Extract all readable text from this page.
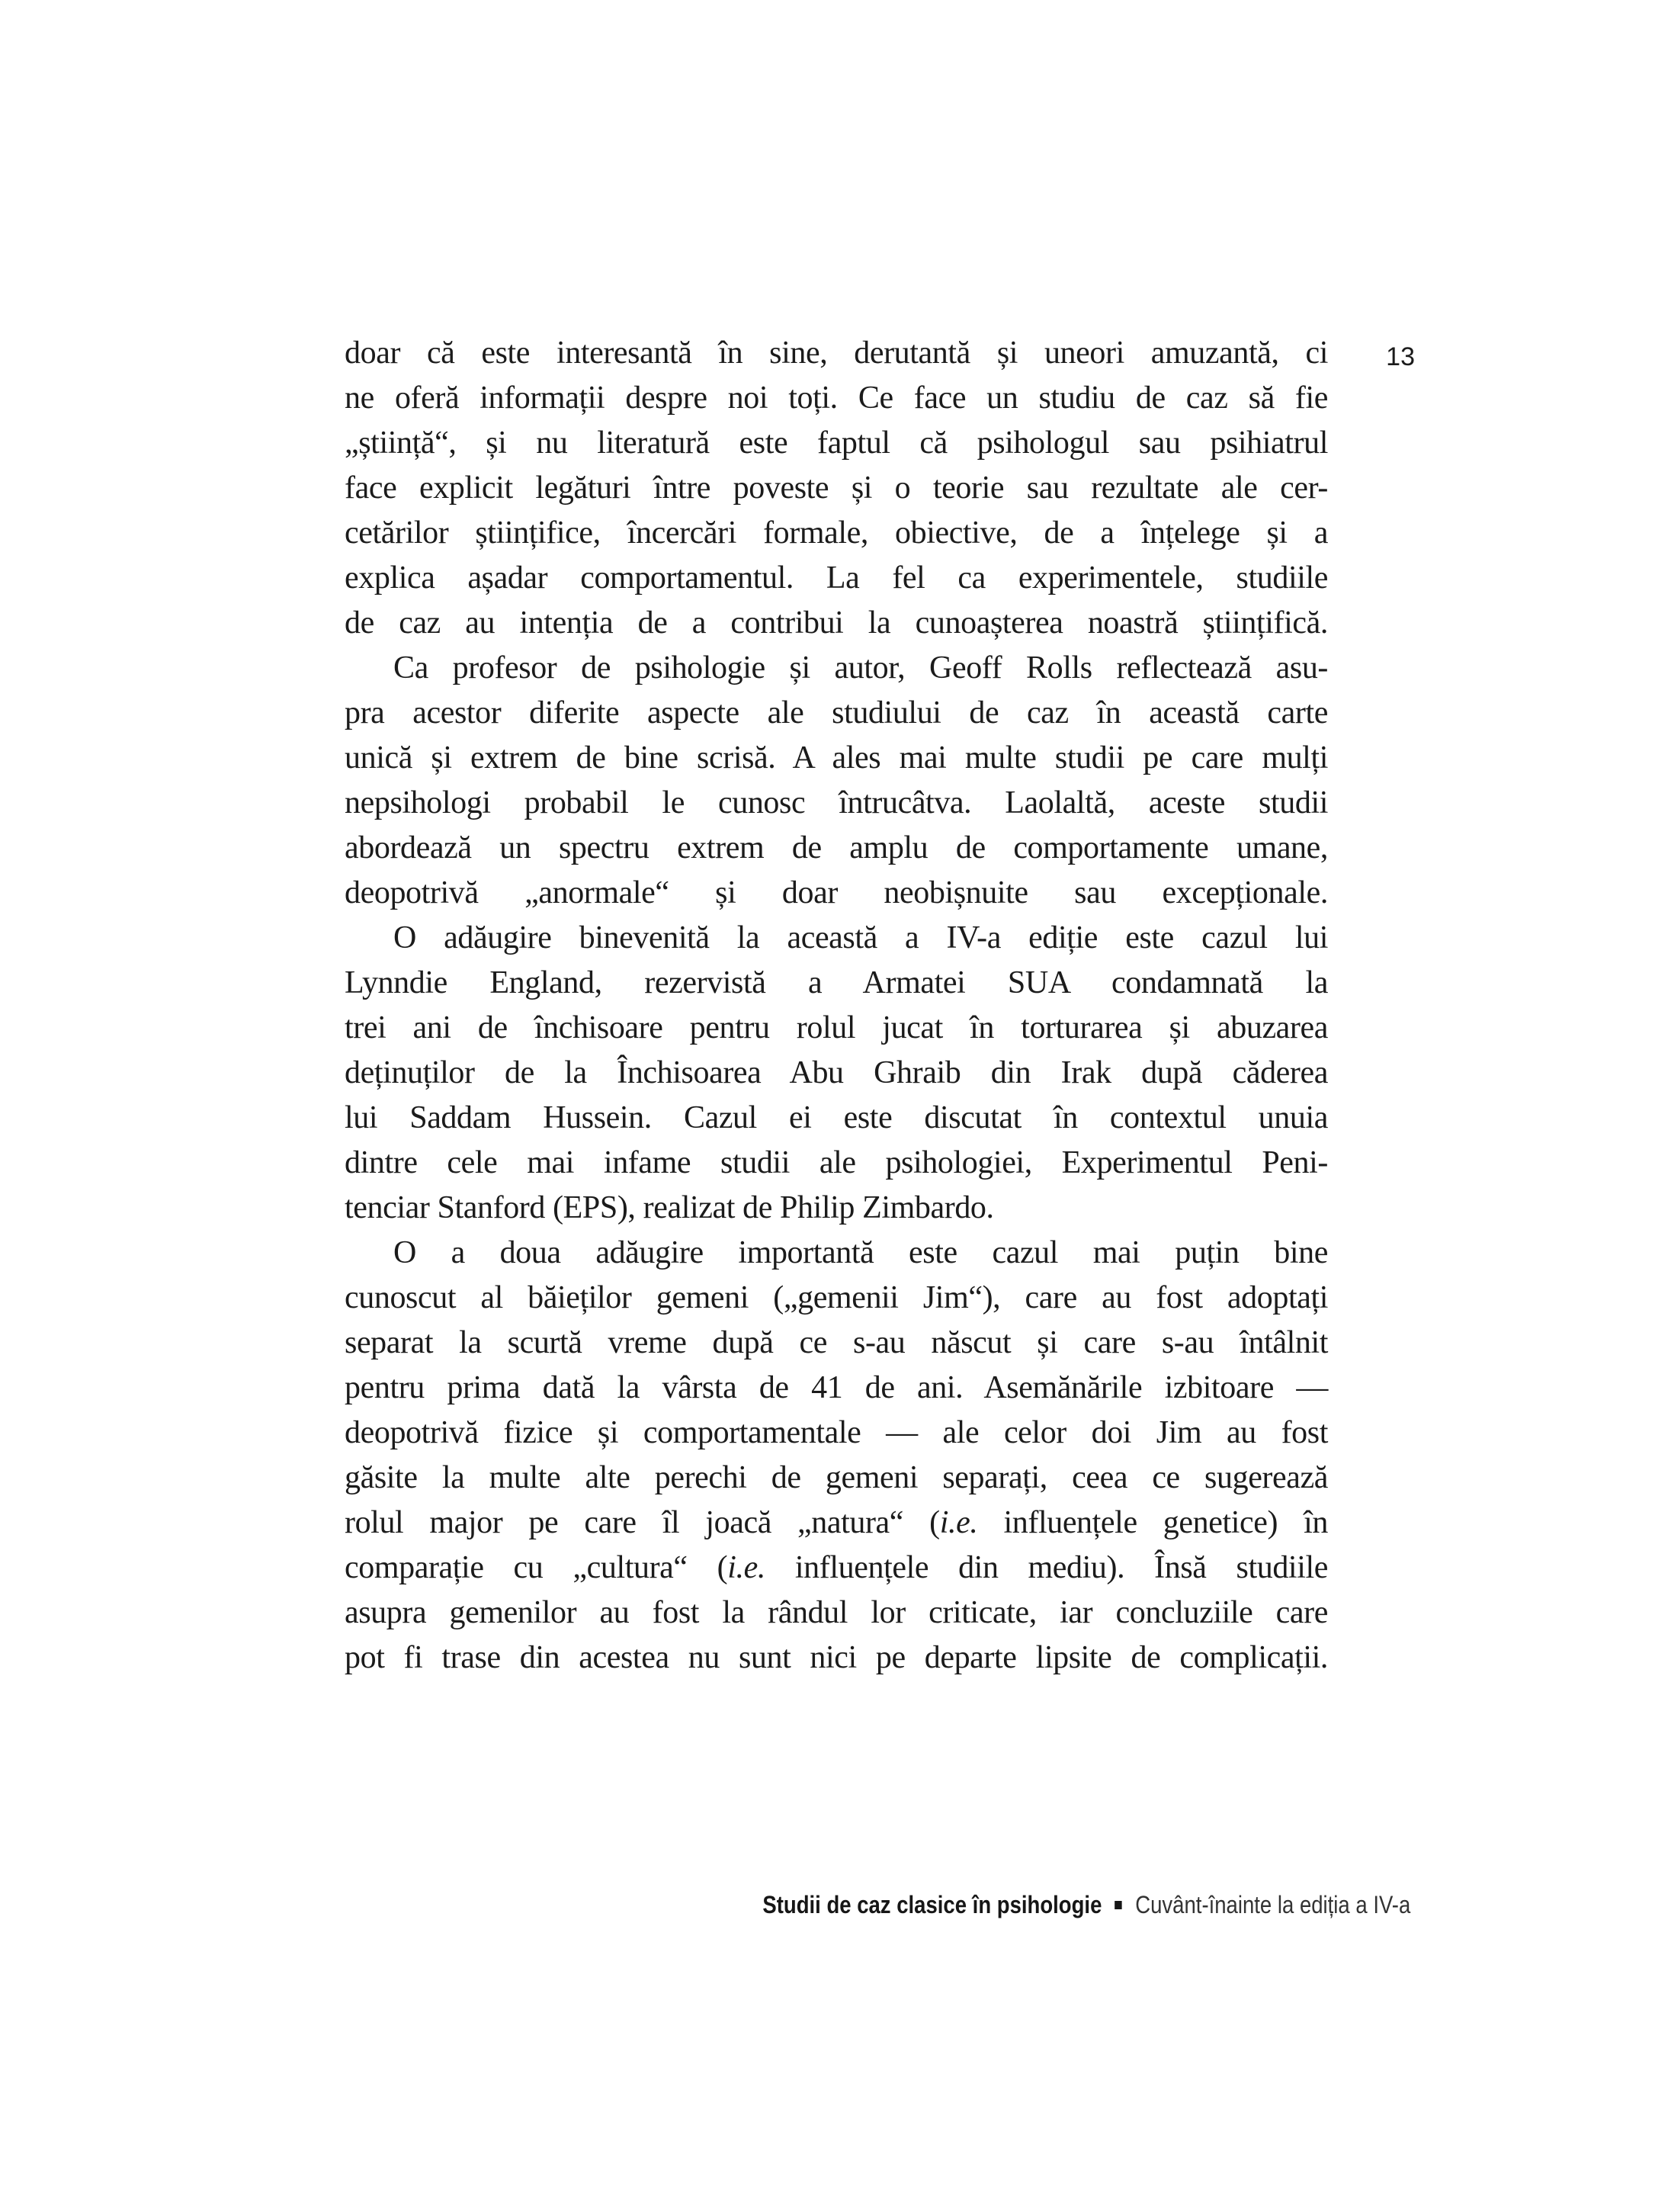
13
doar că este interesantă în sine, derutantă și uneori amuzantă, ci
ne oferă informații despre noi toți. Ce face un studiu de caz să fie
„știință“, și nu literatură este faptul că psihologul sau psihiatrul
face explicit legături între poveste și o teorie sau rezultate ale cer-
cetărilor științifice, încercări formale, obiective, de a înțelege și a
explica așadar comportamentul. La fel ca experimentele, studiile
de caz au intenția de a contribui la cunoașterea noastră științifică.
Ca profesor de psihologie și autor, Geoff Rolls reflectează asu-
pra acestor diferite aspecte ale studiului de caz în această carte
unică și extrem de bine scrisă. A ales mai multe studii pe care mulți
nepsihologi probabil le cunosc întrucâtva. Laolaltă, aceste studii
abordează un spectru extrem de amplu de comportamente umane,
deopotrivă „anormale“ și doar neobișnuite sau excepționale.
O adăugire binevenită la această a IV-a ediție este cazul lui
Lynndie England, rezervistă a Armatei SUA condamnată la
trei ani de închisoare pentru rolul jucat în torturarea și abuzarea
deținuților de la Închisoarea Abu Ghraib din Irak după căderea
lui Saddam Hussein. Cazul ei este discutat în contextul unuia
dintre cele mai infame studii ale psihologiei, Experimentul Peni-
tenciar Stanford (EPS), realizat de Philip Zimbardo.
O a doua adăugire importantă este cazul mai puțin bine
cunoscut al băieților gemeni („gemenii Jim“), care au fost adoptați
separat la scurtă vreme după ce s-au născut și care s-au întâlnit
pentru prima dată la vârsta de 41 de ani. Asemănările izbitoare —
deopotrivă fizice și comportamentale — ale celor doi Jim au fost
găsite la multe alte perechi de gemeni separați, ceea ce sugerează
rolul major pe care îl joacă „natura“ (i.e. influențele genetice) în
comparație cu „cultura“ (i.e. influențele din mediu). Însă studiile
asupra gemenilor au fost la rândul lor criticate, iar concluziile care
pot fi trase din acestea nu sunt nici pe departe lipsite de complicații.
Studii de caz clasice în psihologie Cuvânt-înainte la ediția a IV-a
